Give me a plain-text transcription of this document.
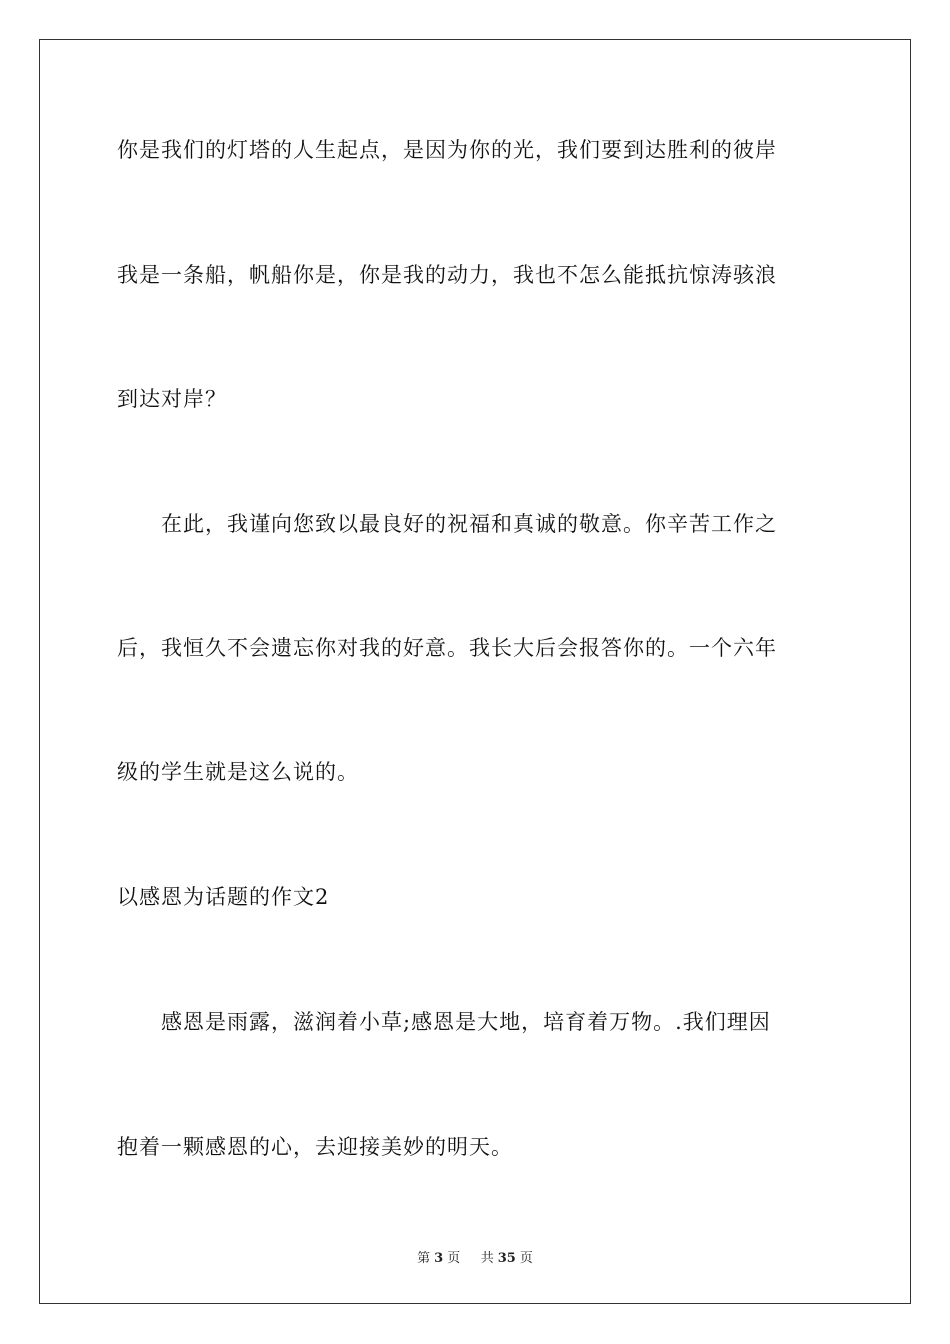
你是我们的灯塔的人生起点，是因为你的光，我们要到达胜利的彼岸
我是一条船，帆船你是，你是我的动力，我也不怎么能抵抗惊涛骇浪
到达对岸？
　　在此，我谨向您致以最良好的祝福和真诚的敬意。你辛苦工作之
后，我恒久不会遗忘你对我的好意。我长大后会报答你的。一个六年
级的学生就是这么说的。
以感恩为话题的作文2
　　感恩是雨露，滋润着小草;感恩是大地，培育着万物。.我们理因
抱着一颗感恩的心，去迎接美妙的明天。
第 3 页 共 35 页
